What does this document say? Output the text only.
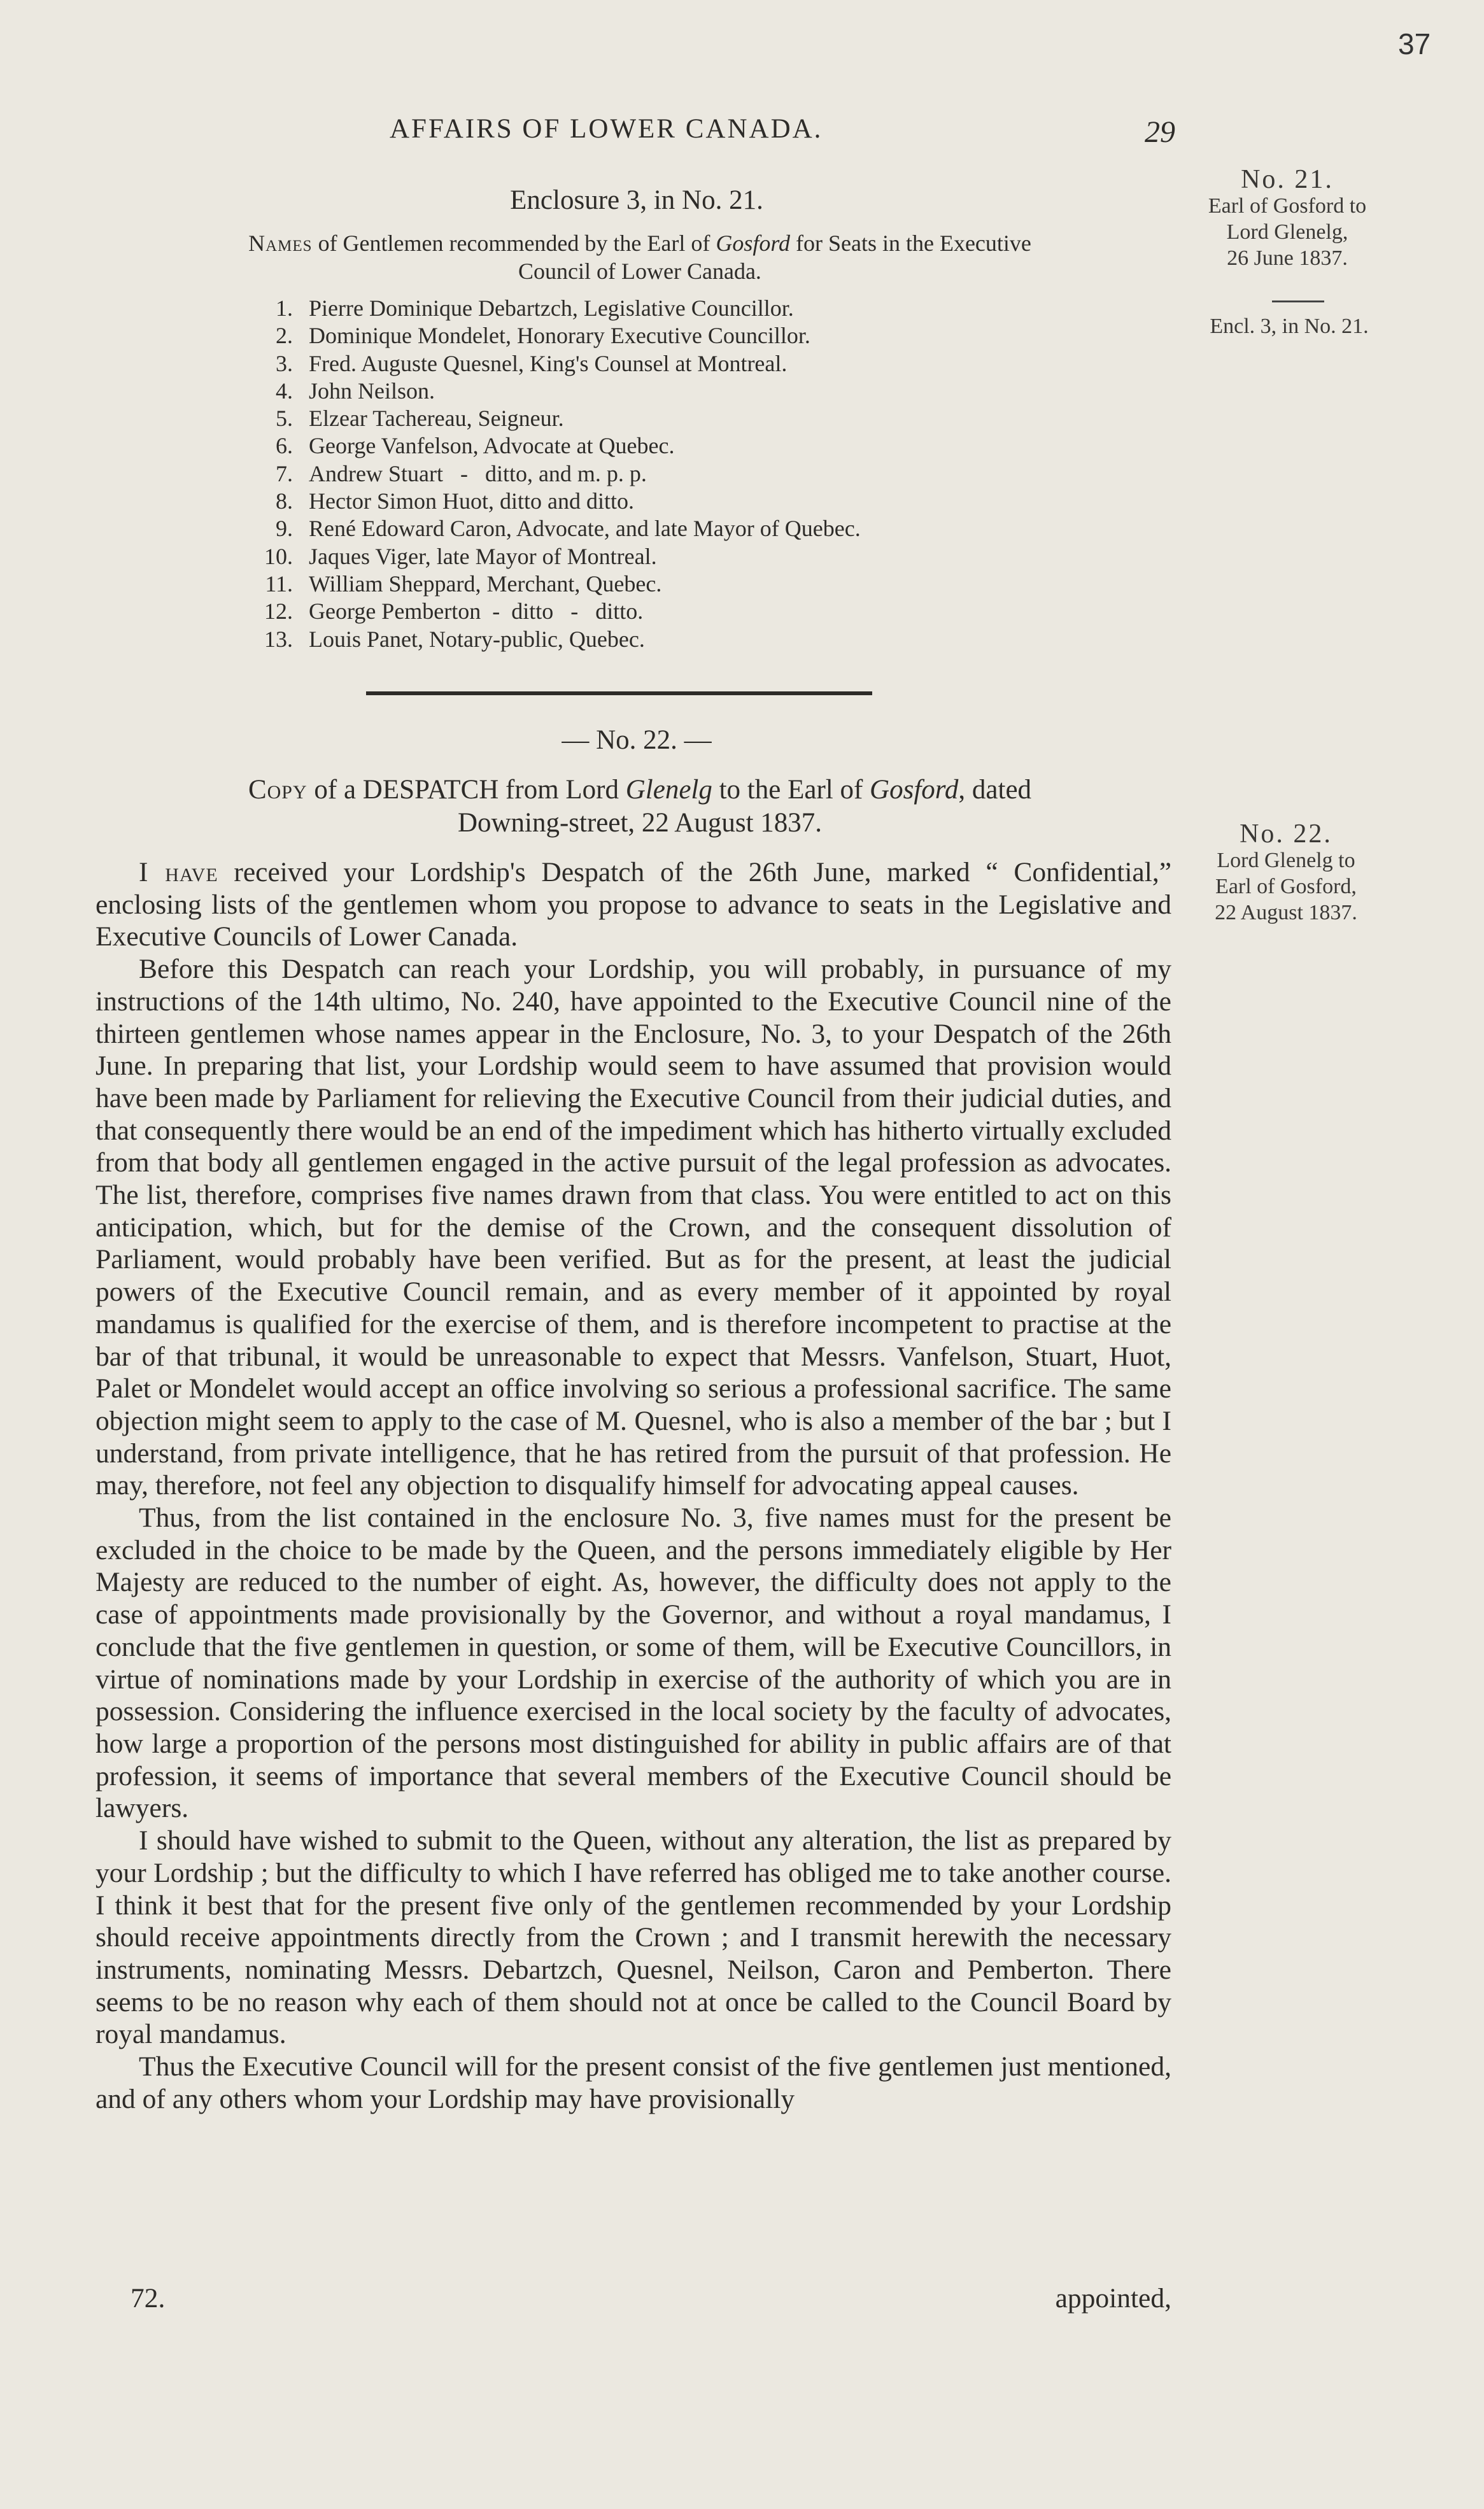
37
AFFAIRS OF LOWER CANADA.	29
No. 21.
Earl of Gosford to
Lord Glenelg,
26 June 1837.
Encl. 3, in No. 21.
Enclosure 3, in No. 21.
Names of Gentlemen recommended by the Earl of Gosford for Seats in the Executive
Council of Lower Canada.
1. Pierre Dominique Debartzch, Legislative Councillor.
2. Dominique Mondelet, Honorary Executive Councillor.
3. Fred. Auguste Quesnel, King's Counsel at Montreal.
4. John Neilson.
5. Elzear Tachereau, Seigneur.
6. George Vanfelson, Advocate at Quebec.
7. Andrew Stuart   -   ditto, and m. p. p.
8. Hector Simon Huot, ditto and ditto.
9. René Edoward Caron, Advocate, and late Mayor of Quebec.
10. Jaques Viger, late Mayor of Montreal.
11. William Sheppard, Merchant, Quebec.
12. George Pemberton  -  ditto   -   ditto.
13. Louis Panet, Notary-public, Quebec.
— No. 22. —
Copy of a DESPATCH from Lord Glenelg to the Earl of Gosford, dated
Downing-street, 22 August 1837.	No. 22.
Lord Glenelg to
Earl of Gosford,
22 August 1837.

I have received your Lordship's Despatch of the 26th June, marked “ Confidential,” enclosing lists of the gentlemen whom you propose to advance to seats in the Legislative and Executive Councils of Lower Canada.

Before this Despatch can reach your Lordship, you will probably, in pursuance of my instructions of the 14th ultimo, No. 240, have appointed to the Executive Council nine of the thirteen gentlemen whose names appear in the Enclosure, No. 3, to your Despatch of the 26th June. In preparing that list, your Lordship would seem to have assumed that provision would have been made by Parliament for relieving the Executive Council from their judicial duties, and that consequently there would be an end of the impediment which has hitherto virtually excluded from that body all gentlemen engaged in the active pursuit of the legal profession as advocates. The list, therefore, comprises five names drawn from that class. You were entitled to act on this anticipation, which, but for the demise of the Crown, and the consequent dissolution of Parliament, would probably have been verified. But as for the present, at least the judicial powers of the Executive Council remain, and as every member of it appointed by royal mandamus is qualified for the exercise of them, and is therefore incompetent to practise at the bar of that tribunal, it would be unreasonable to expect that Messrs. Vanfelson, Stuart, Huot, Palet or Mondelet would accept an office involving so serious a professional sacrifice. The same objection might seem to apply to the case of M. Quesnel, who is also a member of the bar ; but I understand, from private intelligence, that he has retired from the pursuit of that profession. He may, therefore, not feel any objection to disqualify himself for advocating appeal causes.

Thus, from the list contained in the enclosure No. 3, five names must for the present be excluded in the choice to be made by the Queen, and the persons immediately eligible by Her Majesty are reduced to the number of eight. As, however, the difficulty does not apply to the case of appointments made provisionally by the Governor, and without a royal mandamus, I conclude that the five gentlemen in question, or some of them, will be Executive Councillors, in virtue of nominations made by your Lordship in exercise of the authority of which you are in possession. Considering the influence exercised in the local society by the faculty of advocates, how large a proportion of the persons most distinguished for ability in public affairs are of that profession, it seems of importance that several members of the Executive Council should be lawyers.

I should have wished to submit to the Queen, without any alteration, the list as prepared by your Lordship ; but the difficulty to which I have referred has obliged me to take another course. I think it best that for the present five only of the gentlemen recommended by your Lordship should receive appointments directly from the Crown ; and I transmit herewith the necessary instruments, nominating Messrs. Debartzch, Quesnel, Neilson, Caron and Pemberton. There seems to be no reason why each of them should not at once be called to the Council Board by royal mandamus.

Thus the Executive Council will for the present consist of the five gentlemen just mentioned, and of any others whom your Lordship may have provisionally

72.	appointed,
